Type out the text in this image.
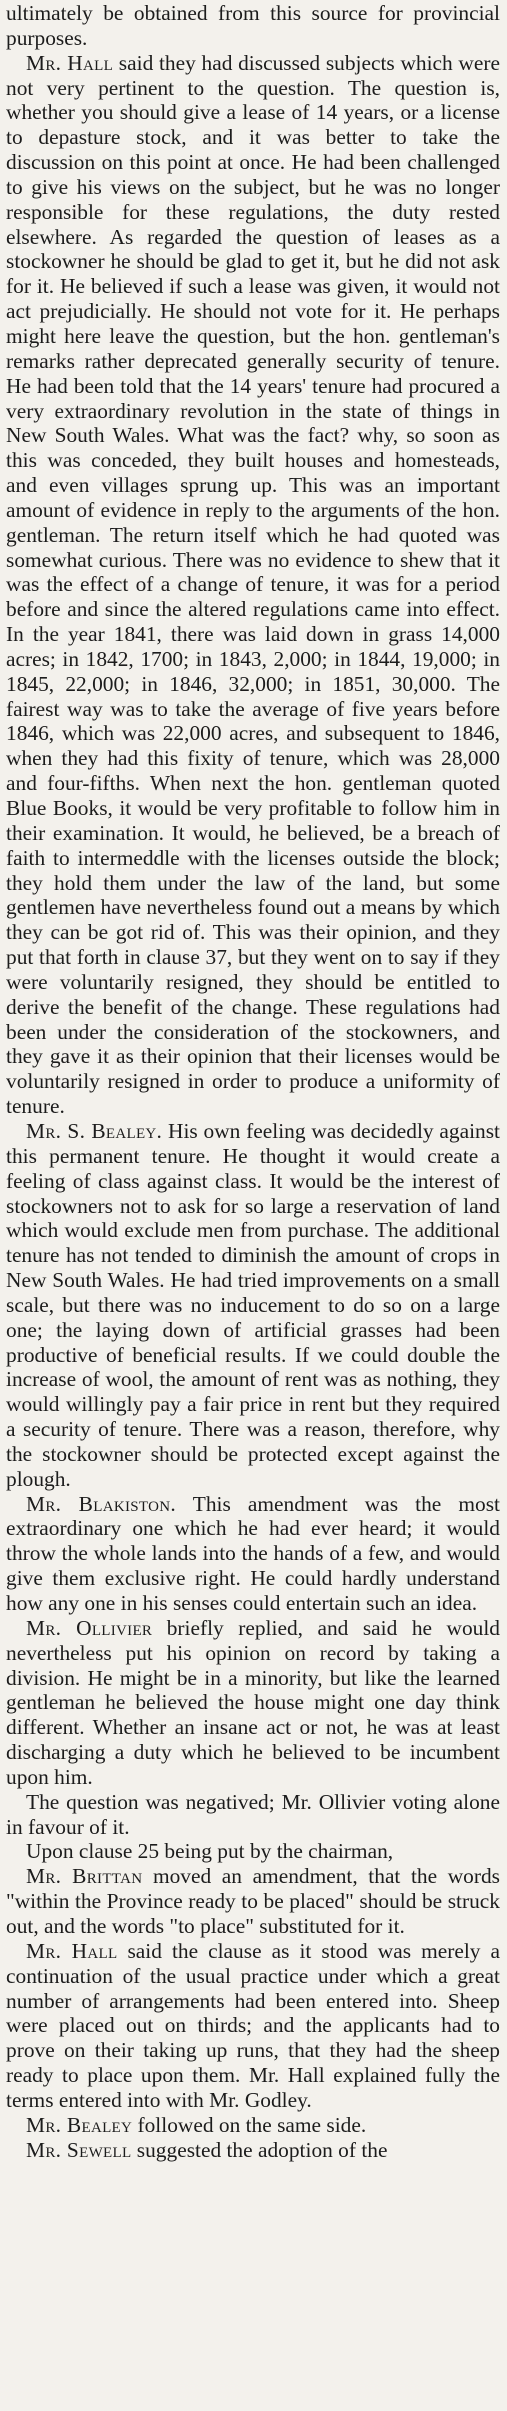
ultimately be obtained from this source for provincial purposes.

Mr. Hall said they had discussed subjects which were not very pertinent to the question. The question is, whether you should give a lease of 14 years, or a license to depasture stock, and it was better to take the discussion on this point at once. He had been challenged to give his views on the subject, but he was no longer responsible for these regulations, the duty rested elsewhere. As regarded the question of leases as a stockowner he should be glad to get it, but he did not ask for it. He believed if such a lease was given, it would not act prejudicially. He should not vote for it. He perhaps might here leave the question, but the hon. gentleman's remarks rather deprecated generally security of tenure. He had been told that the 14 years' tenure had procured a very extraordinary revolution in the state of things in New South Wales. What was the fact? why, so soon as this was conceded, they built houses and homesteads, and even villages sprung up. This was an important amount of evidence in reply to the arguments of the hon. gentleman. The return itself which he had quoted was somewhat curious. There was no evidence to shew that it was the effect of a change of tenure, it was for a period before and since the altered regulations came into effect. In the year 1841, there was laid down in grass 14,000 acres; in 1842, 1700; in 1843, 2,000; in 1844, 19,000; in 1845, 22,000; in 1846, 32,000; in 1851, 30,000. The fairest way was to take the average of five years before 1846, which was 22,000 acres, and subsequent to 1846, when they had this fixity of tenure, which was 28,000 and four-fifths. When next the hon. gentleman quoted Blue Books, it would be very profitable to follow him in their examination. It would, he believed, be a breach of faith to intermeddle with the licenses outside the block; they hold them under the law of the land, but some gentlemen have nevertheless found out a means by which they can be got rid of. This was their opinion, and they put that forth in clause 37, but they went on to say if they were voluntarily resigned, they should be entitled to derive the benefit of the change. These regulations had been under the consideration of the stockowners, and they gave it as their opinion that their licenses would be voluntarily resigned in order to produce a uniformity of tenure.

Mr. S. Bealey. His own feeling was decidedly against this permanent tenure. He thought it would create a feeling of class against class. It would be the interest of stockowners not to ask for so large a reservation of land which would exclude men from purchase. The additional tenure has not tended to diminish the amount of crops in New South Wales. He had tried improvements on a small scale, but there was no inducement to do so on a large one; the laying down of artificial grasses had been productive of beneficial results. If we could double the increase of wool, the amount of rent was as nothing, they would willingly pay a fair price in rent but they required a security of tenure. There was a reason, therefore, why the stockowner should be protected except against the plough.

Mr. Blakiston. This amendment was the most extraordinary one which he had ever heard; it would throw the whole lands into the hands of a few, and would give them exclusive right. He could hardly understand how any one in his senses could entertain such an idea.

Mr. Ollivier briefly replied, and said he would nevertheless put his opinion on record by taking a division. He might be in a minority, but like the learned gentleman he believed the house might one day think different. Whether an insane act or not, he was at least discharging a duty which he believed to be incumbent upon him.

The question was negatived; Mr. Ollivier voting alone in favour of it.

Upon clause 25 being put by the chairman,

Mr. Brittan moved an amendment, that the words "within the Province ready to be placed" should be struck out, and the words "to place" substituted for it.

Mr. Hall said the clause as it stood was merely a continuation of the usual practice under which a great number of arrangements had been entered into. Sheep were placed out on thirds; and the applicants had to prove on their taking up runs, that they had the sheep ready to place upon them. Mr. Hall explained fully the terms entered into with Mr. Godley.

Mr. Bealey followed on the same side.

Mr. Sewell suggested the adoption of the
